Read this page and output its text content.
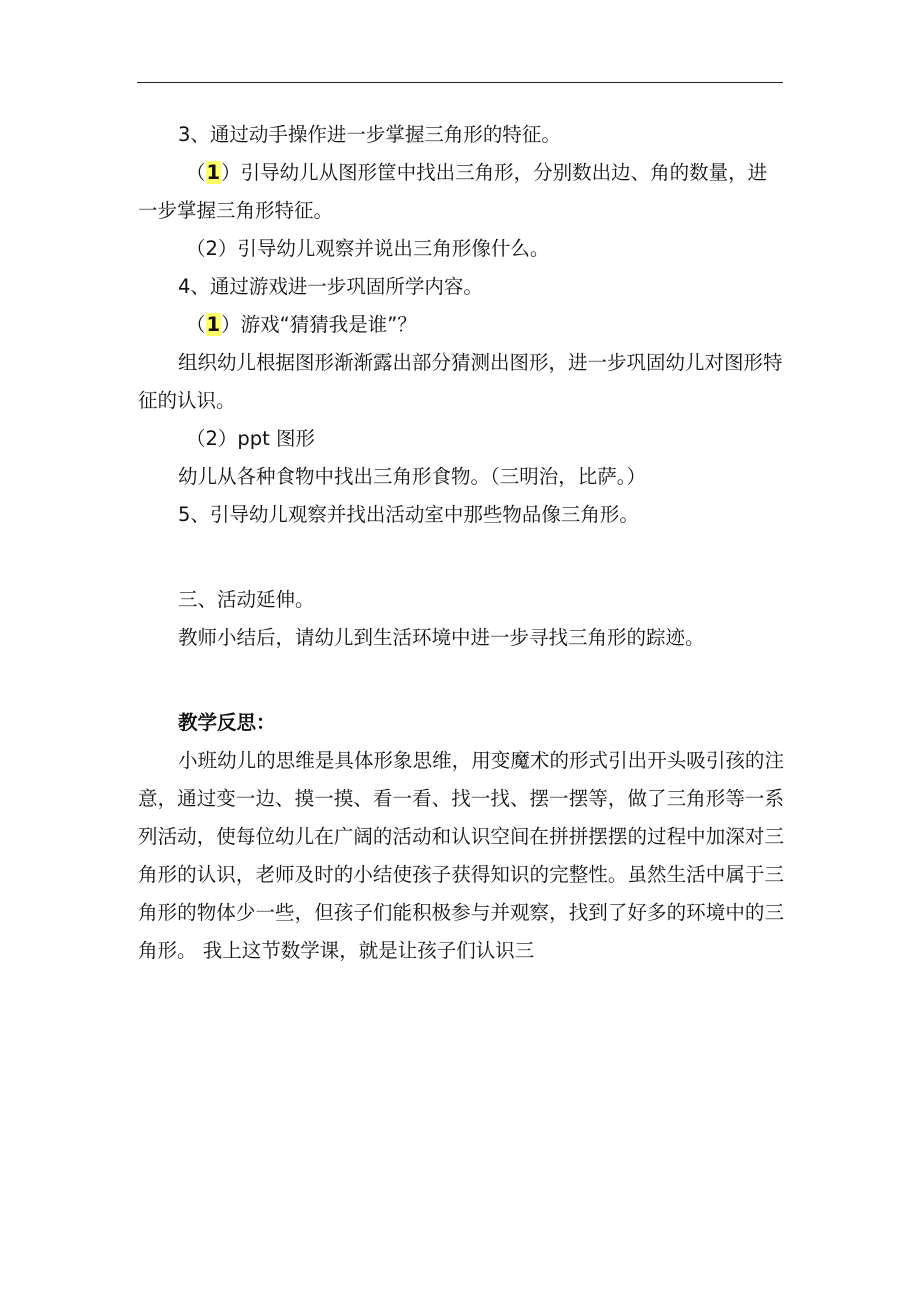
3、通过动手操作进一步掌握三角形的特征。

（1）引导幼儿从图形筐中找出三角形，分别数出边、角的数量，进一步掌握三角形特征。

（2）引导幼儿观察并说出三角形像什么。

4、通过游戏进一步巩固所学内容。

（1）游戏“猜猜我是谁”？

组织幼儿根据图形渐渐露出部分猜测出图形，进一步巩固幼儿对图形特征的认识。

（2）ppt 图形

幼儿从各种食物中找出三角形食物。（三明治，比萨。）

5、引导幼儿观察并找出活动室中那些物品像三角形。

三、活动延伸。

教师小结后，请幼儿到生活环境中进一步寻找三角形的踪迹。

教学反思：

小班幼儿的思维是具体形象思维，用变魔术的形式引出开头吸引孩的注意，通过变一边、摸一摸、看一看、找一找、摆一摆等，做了三角形等一系列活动，使每位幼儿在广阔的活动和认识空间在拼拼摆摆的过程中加深对三角形的认识，老师及时的小结使孩子获得知识的完整性。虽然生活中属于三角形的物体少一些，但孩子们能积极参与并观察，找到了好多的环境中的三角形。 我上这节数学课，就是让孩子们认识三
